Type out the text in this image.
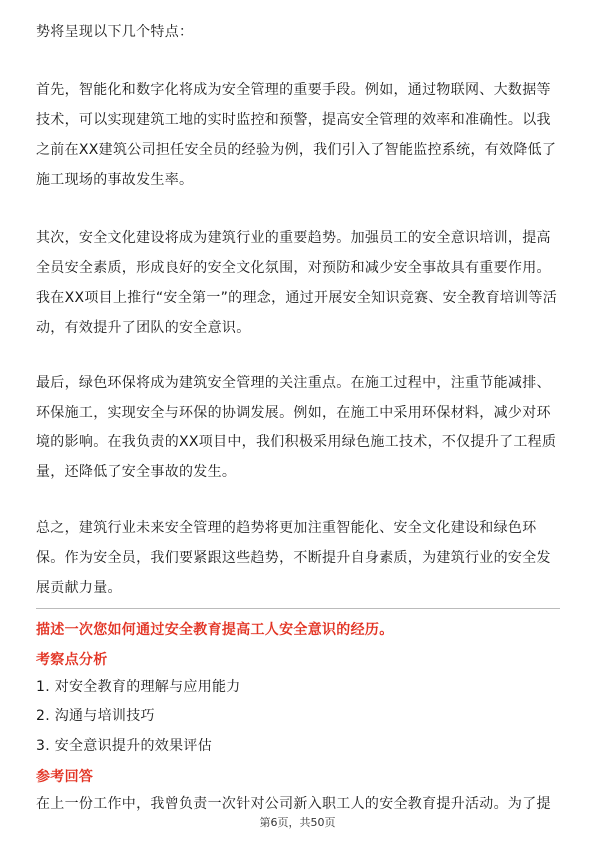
势将呈现以下几个特点：
首先，智能化和数字化将成为安全管理的重要手段。例如，通过物联网、大数据等
技术，可以实现建筑工地的实时监控和预警，提高安全管理的效率和准确性。以我
之前在XX建筑公司担任安全员的经验为例，我们引入了智能监控系统，有效降低了
施工现场的事故发生率。
其次，安全文化建设将成为建筑行业的重要趋势。加强员工的安全意识培训，提高
全员安全素质，形成良好的安全文化氛围，对预防和减少安全事故具有重要作用。
我在XX项目上推行“安全第一”的理念，通过开展安全知识竞赛、安全教育培训等活
动，有效提升了团队的安全意识。
最后，绿色环保将成为建筑安全管理的关注重点。在施工过程中，注重节能减排、
环保施工，实现安全与环保的协调发展。例如，在施工中采用环保材料，减少对环
境的影响。在我负责的XX项目中，我们积极采用绿色施工技术，不仅提升了工程质
量，还降低了安全事故的发生。
总之，建筑行业未来安全管理的趋势将更加注重智能化、安全文化建设和绿色环
保。作为安全员，我们要紧跟这些趋势，不断提升自身素质，为建筑行业的安全发
展贡献力量。
描述一次您如何通过安全教育提高工人安全意识的经历。
考察点分析
1. 对安全教育的理解与应用能力
2. 沟通与培训技巧
3. 安全意识提升的效果评估
参考回答
在上一份工作中，我曾负责一次针对公司新入职工人的安全教育提升活动。为了提
第6页，共50页
